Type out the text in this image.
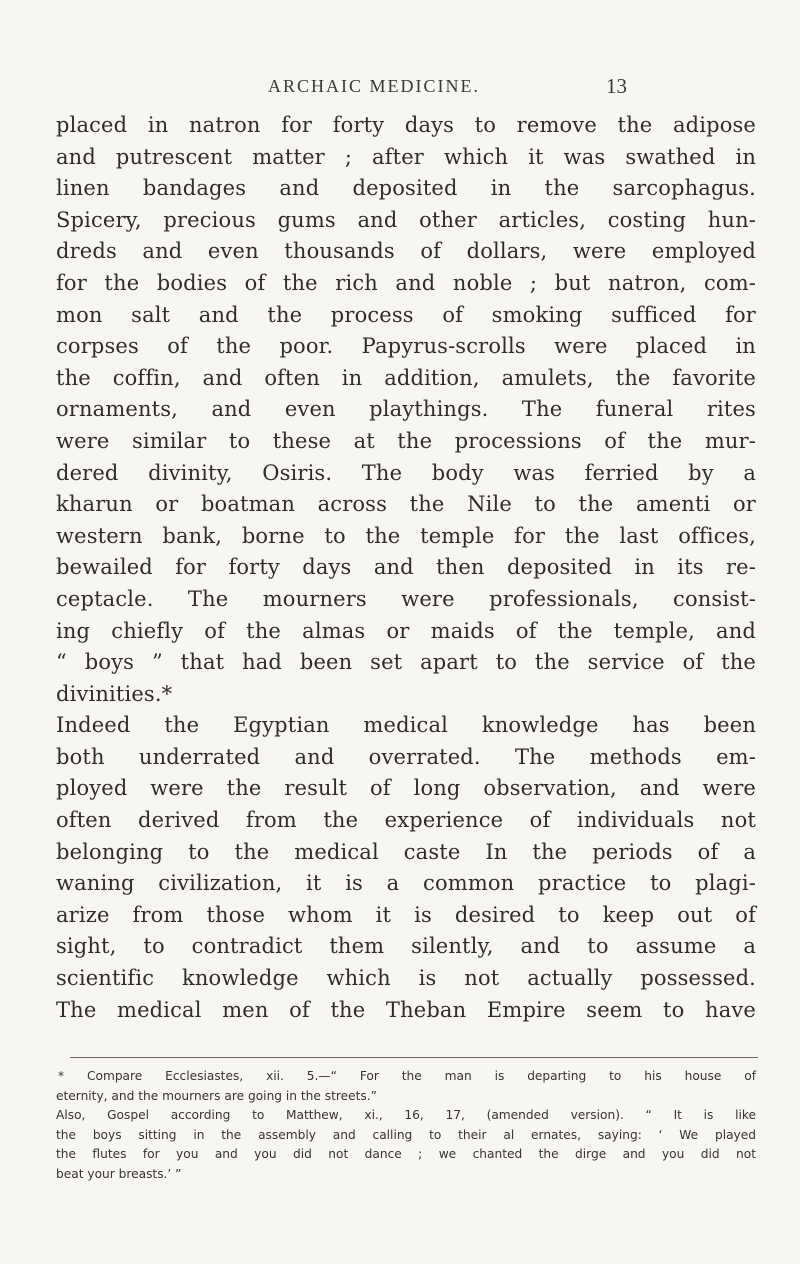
ARCHAIC MEDICINE.	13
placed in natron for forty days to remove the adipose
and putrescent matter ; after which it was swathed in
linen bandages and deposited in the sarcophagus.
Spicery, precious gums and other articles, costing hun-
dreds and even thousands of dollars, were employed
for the bodies of the rich and noble ; but natron, com-
mon salt and the process of smoking sufficed for
corpses of the poor. Papyrus-scrolls were placed in
the coffin, and often in addition, amulets, the favorite
ornaments, and even playthings. The funeral rites
were similar to these at the processions of the mur-
dered divinity, Osiris. The body was ferried by a
kharun or boatman across the Nile to the amenti or
western bank, borne to the temple for the last offices,
bewailed for forty days and then deposited in its re-
ceptacle. The mourners were professionals, consist-
ing chiefly of the almas or maids of the temple, and
“ boys ” that had been set apart to the service of the
divinities.*
Indeed the Egyptian medical knowledge has been
both underrated and overrated. The methods em-
ployed were the result of long observation, and were
often derived from the experience of individuals not
belonging to the medical caste In the periods of a
waning civilization, it is a common practice to plagi-
arize from those whom it is desired to keep out of
sight, to contradict them silently, and to assume a
scientific knowledge which is not actually possessed.
The medical men of the Theban Empire seem to have
* Compare Ecclesiastes, xii. 5.—“ For the man is departing to his house of
eternity, and the mourners are going in the streets.”
Also, Gospel according to Matthew, xi., 16, 17, (amended version). “ It is like
the boys sitting in the assembly and calling to their al ernates, saying: ‘ We played
the flutes for you and you did not dance ; we chanted the dirge and you did not
beat your breasts.’ ”
